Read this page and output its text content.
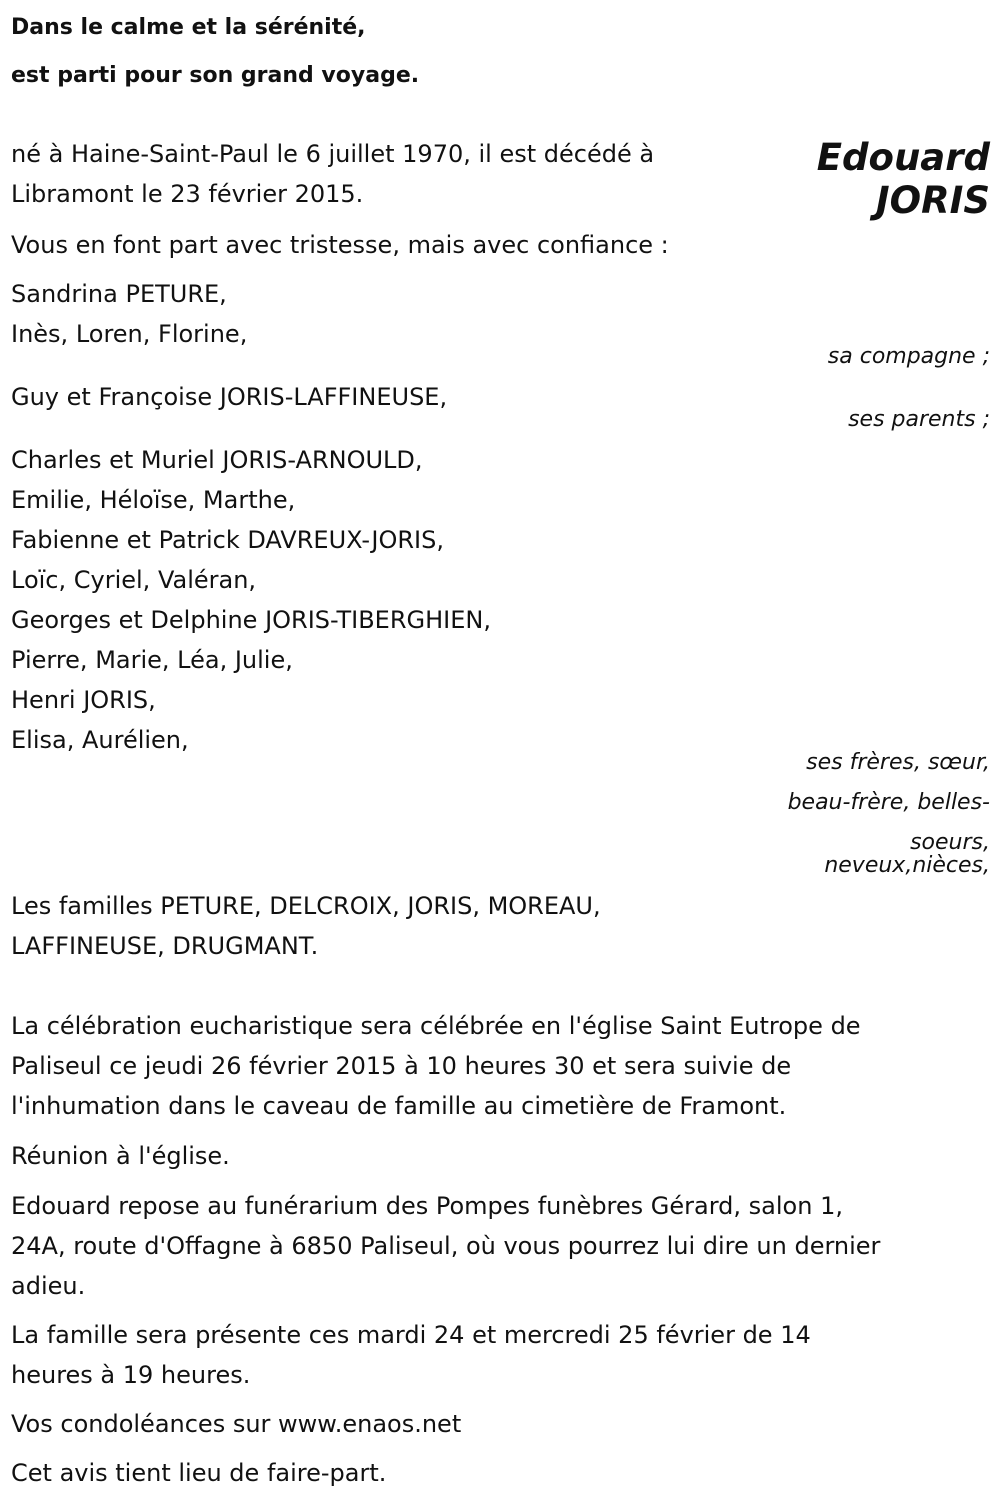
Dans le calme et la sérénité,
est parti pour son grand voyage.
Edouard
JORIS
né à Haine-Saint-Paul le 6 juillet 1970, il est décédé à
Libramont le 23 février 2015.
Vous en font part avec tristesse, mais avec confiance :
Sandrina PETURE,
Inès, Loren, Florine,
sa compagne ;
Guy et Françoise JORIS-LAFFINEUSE,
ses parents ;
Charles et Muriel JORIS-ARNOULD,
Emilie, Héloïse, Marthe,
Fabienne et Patrick DAVREUX-JORIS,
Loïc, Cyriel, Valéran,
Georges et Delphine JORIS-TIBERGHIEN,
Pierre, Marie, Léa, Julie,
Henri JORIS,
Elisa, Aurélien,
ses frères, sœur,
beau-frère, belles-
soeurs,
neveux,nièces,
Les familles PETURE, DELCROIX, JORIS, MOREAU,
LAFFINEUSE, DRUGMANT.
La célébration eucharistique sera célébrée en l'église Saint Eutrope de
Paliseul ce jeudi 26 février 2015 à 10 heures 30 et sera suivie de
l'inhumation dans le caveau de famille au cimetière de Framont.
Réunion à l'église.
Edouard repose au funérarium des Pompes funèbres Gérard, salon 1,
24A, route d'Offagne à 6850 Paliseul, où vous pourrez lui dire un dernier
adieu.
La famille sera présente ces mardi 24 et mercredi 25 février de 14
heures à 19 heures.
Vos condoléances sur www.enaos.net
Cet avis tient lieu de faire-part.
